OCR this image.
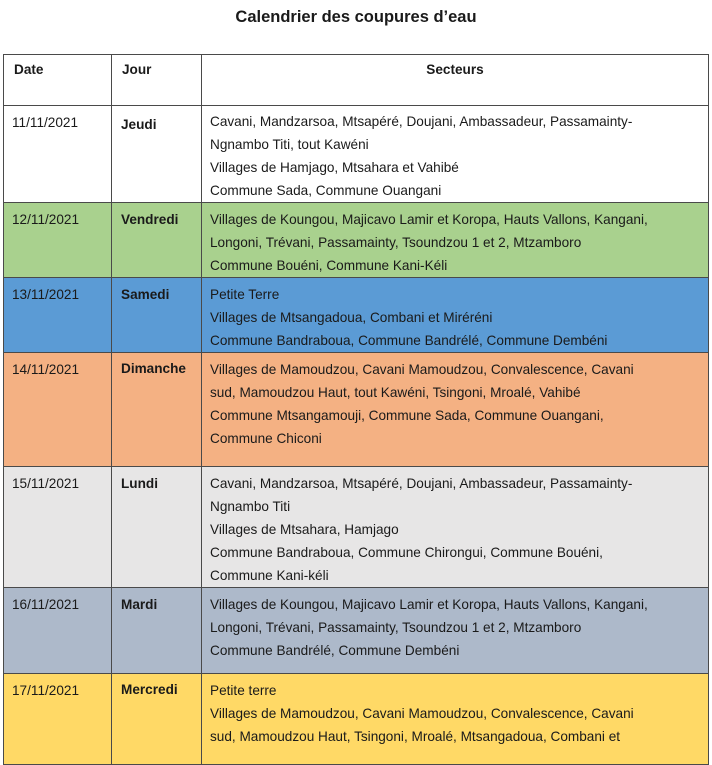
Calendrier des coupures d’eau
Date	Jour	Secteurs

11/11/2021	Jeudi	Cavani, Mandzarsoa, Mtsapéré, Doujani, Ambassadeur, Passamainty-
Ngnambo Titi, tout Kawéni
Villages de Hamjago, Mtsahara et Vahibé
Commune Sada, Commune Ouangani

12/11/2021	Vendredi	Villages de Koungou, Majicavo Lamir et Koropa, Hauts Vallons, Kangani,
Longoni, Trévani, Passamainty, Tsoundzou 1 et 2, Mtzamboro
Commune Bouéni, Commune Kani-Kéli

13/11/2021	Samedi	Petite Terre
Villages de Mtsangadoua, Combani et Miréréni
Commune Bandraboua, Commune Bandrélé, Commune Dembéni

14/11/2021	Dimanche	Villages de Mamoudzou, Cavani Mamoudzou, Convalescence, Cavani
sud, Mamoudzou Haut, tout Kawéni, Tsingoni, Mroalé, Vahibé
Commune Mtsangamouji, Commune Sada, Commune Ouangani,
Commune Chiconi

15/11/2021	Lundi	Cavani, Mandzarsoa, Mtsapéré, Doujani, Ambassadeur, Passamainty-
Ngnambo Titi
Villages de Mtsahara, Hamjago
Commune Bandraboua, Commune Chirongui, Commune Bouéni,
Commune Kani-kéli

16/11/2021	Mardi	Villages de Koungou, Majicavo Lamir et Koropa, Hauts Vallons, Kangani,
Longoni, Trévani, Passamainty, Tsoundzou 1 et 2, Mtzamboro
Commune Bandrélé, Commune Dembéni

17/11/2021	Mercredi	Petite terre
Villages de Mamoudzou, Cavani Mamoudzou, Convalescence, Cavani
sud, Mamoudzou Haut, Tsingoni, Mroalé, Mtsangadoua, Combani et
